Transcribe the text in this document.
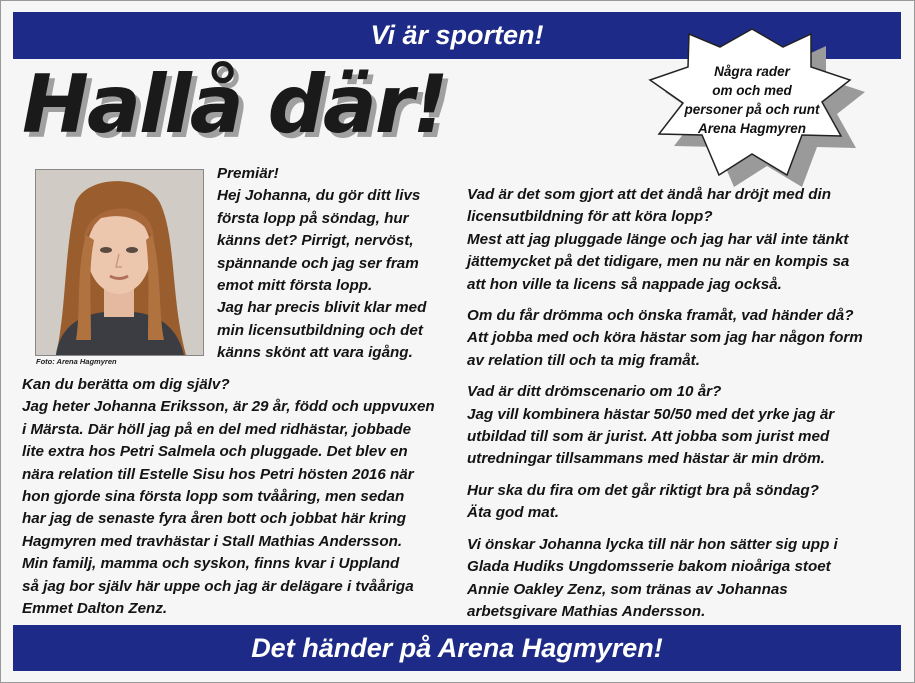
Vi är sporten!
Hallå där!	Några rader
om och med
personer på och runt
Arena Hagmyren
Foto: Arena Hagmyren
Premiär!
Hej Johanna, du gör ditt livs
första lopp på söndag, hur
känns det? Pirrigt, nervöst,
spännande och jag ser fram
emot mitt första lopp.
Jag har precis blivit klar med
min licensutbildning och det
känns skönt att vara igång.
Kan du berätta om dig själv?
Jag heter Johanna Eriksson, är 29 år, född och uppvuxen
i Märsta. Där höll jag på en del med ridhästar, jobbade
lite extra hos Petri Salmela och pluggade. Det blev en
nära relation till Estelle Sisu hos Petri hösten 2016 när
hon gjorde sina första lopp som tvååring, men sedan
har jag de senaste fyra åren bott och jobbat här kring
Hagmyren med travhästar i Stall Mathias Andersson.
Min familj, mamma och syskon, finns kvar i Uppland
så jag bor själv här uppe och jag är delägare i tvååriga
Emmet Dalton Zenz.

Vad är det som gjort att det ändå har dröjt med din
licensutbildning för att köra lopp?
Mest att jag pluggade länge och jag har väl inte tänkt
jättemycket på det tidigare, men nu när en kompis sa
att hon ville ta licens så nappade jag också.

Om du får drömma och önska framåt, vad händer då?
Att jobba med och köra hästar som jag har någon form
av relation till och ta mig framåt.

Vad är ditt drömscenario om 10 år?
Jag vill kombinera hästar 50/50 med det yrke jag är
utbildad till som är jurist. Att jobba som jurist med
utredningar tillsammans med hästar är min dröm.

Hur ska du fira om det går riktigt bra på söndag?
Äta god mat.

Vi önskar Johanna lycka till när hon sätter sig upp i
Glada Hudiks Ungdomsserie bakom nioåriga stoet
Annie Oakley Zenz, som tränas av Johannas
arbetsgivare Mathias Andersson.

Det händer på Arena Hagmyren!
